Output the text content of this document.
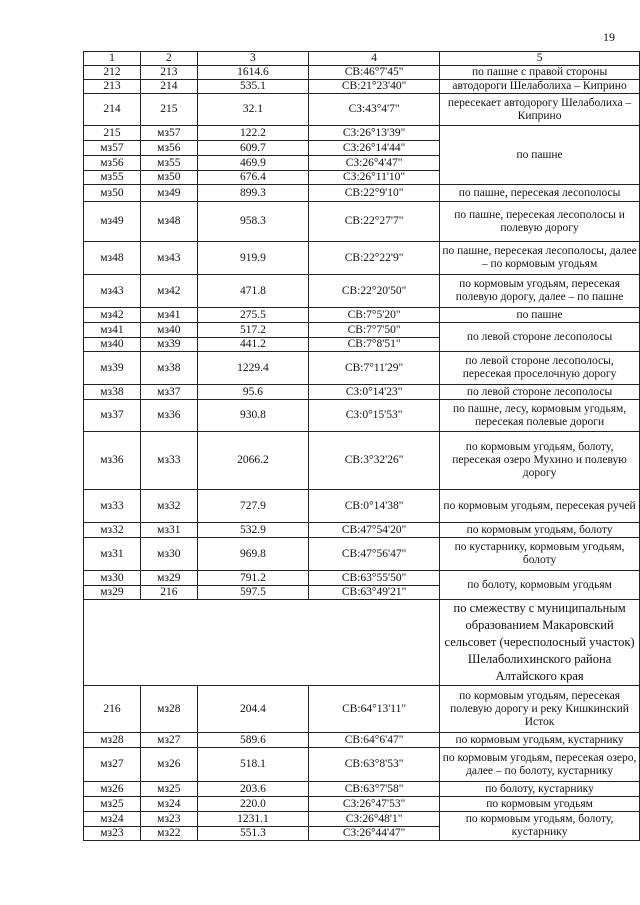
19
1	2	3	4	5
212	213	1614.6	СВ:46°7'45"	по пашне с правой стороны
213	214	535.1	СВ:21°23'40"	автодороги Шелаболиха – Киприно
214	215	32.1	СЗ:43°4'7"	пересекает автодорогу Шелаболиха – Киприно
215	мз57	122.2	СЗ:26°13'39"	по пашне
мз57	мз56	609.7	СЗ:26°14'44"	
мз56	мз55	469.9	СЗ:26°4'47"	
мз55	мз50	676.4	СЗ:26°11'10"	
мз50	мз49	899.3	СВ:22°9'10"	по пашне, пересекая лесополосы
мз49	мз48	958.3	СВ:22°27'7"	по пашне, пересекая лесополосы и полевую дорогу
мз48	мз43	919.9	СВ:22°22'9"	по пашне, пересекая лесополосы, далее – по кормовым угодьям
мз43	мз42	471.8	СВ:22°20'50"	по кормовым угодьям, пересекая полевую дорогу, далее – по пашне
мз42	мз41	275.5	СВ:7°5'20"	по пашне
мз41	мз40	517.2	СВ:7°7'50"	по левой стороне лесополосы
мз40	мз39	441.2	СВ:7°8'51"	
мз39	мз38	1229.4	СВ:7°11'29"	по левой стороне лесополосы, пересекая проселочную дорогу
мз38	мз37	95.6	СЗ:0°14'23"	по левой стороне лесополосы
мз37	мз36	930.8	СЗ:0°15'53"	по пашне, лесу, кормовым угодьям, пересекая полевые дороги
мз36	мз33	2066.2	СВ:3°32'26"	по кормовым угодьям, болоту, пересекая озеро Мухино и полевую дорогу
мз33	мз32	727.9	СВ:0°14'38"	по кормовым угодьям, пересекая ручей
мз32	мз31	532.9	СВ:47°54'20"	по кормовым угодьям, болоту
мз31	мз30	969.8	СВ:47°56'47"	по кустарнику, кормовым угодьям, болоту
мз30	мз29	791.2	СВ:63°55'50"	по болоту, кормовым угодьям
мз29	216	597.5	СВ:63°49'21"	
				по смежеству с муниципальным образованием Макаровский сельсовет (чересполосный участок) Шелаболихинского района Алтайского края
216	мз28	204.4	СВ:64°13'11"	по кормовым угодьям, пересекая полевую дорогу и реку Кишкинский Исток
мз28	мз27	589.6	СВ:64°6'47"	по кормовым угодьям, кустарнику
мз27	мз26	518.1	СВ:63°8'53"	по кормовым угодьям, пересекая озеро, далее – по болоту, кустарнику
мз26	мз25	203.6	СВ:63°7'58"	по болоту, кустарнику
мз25	мз24	220.0	СЗ:26°47'53"	по кормовым угодьям
мз24	мз23	1231.1	СЗ:26°48'1"	по кормовым угодьям, болоту, кустарнику
мз23	мз22	551.3	СЗ:26°44'47"	
